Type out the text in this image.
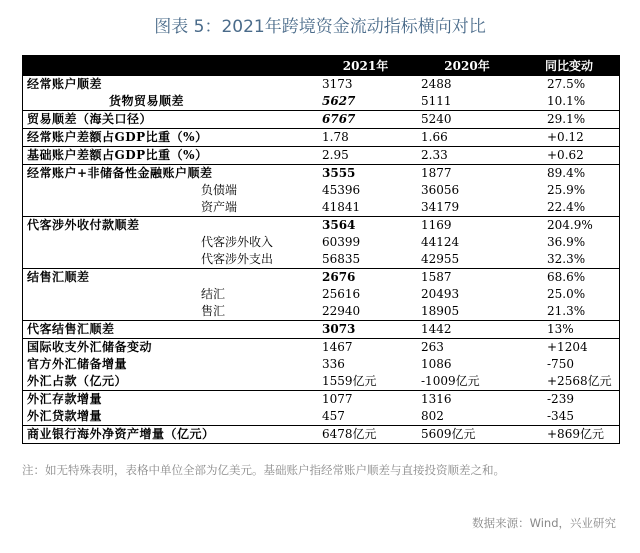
图表 5：2021年跨境资金流动指标横向对比
	2021年	2020年	同比变动
经常账户顺差	3173	2488	27.5%
货物贸易顺差	5627	5111	10.1%
贸易顺差（海关口径）	6767	5240	29.1%
经常账户差额占GDP比重（%）	1.78	1.66	+0.12
基础账户差额占GDP比重（%）	2.95	2.33	+0.62
经常账户+非储备性金融账户顺差	3555	1877	89.4%
负债端	45396	36056	25.9%
资产端	41841	34179	22.4%
代客涉外收付款顺差	3564	1169	204.9%
代客涉外收入	60399	44124	36.9%
代客涉外支出	56835	42955	32.3%
结售汇顺差	2676	1587	68.6%
结汇	25616	20493	25.0%
售汇	22940	18905	21.3%
代客结售汇顺差	3073	1442	13%
国际收支外汇储备变动	1467	263	+1204
官方外汇储备增量	336	1086	-750
外汇占款（亿元）	1559亿元	-1009亿元	+2568亿元
外汇存款增量	1077	1316	-239
外汇贷款增量	457	802	-345
商业银行海外净资产增量（亿元）	6478亿元	5609亿元	+869亿元
注：如无特殊表明，表格中单位全部为亿美元。基础账户指经常账户顺差与直接投资顺差之和。
数据来源：Wind，兴业研究
